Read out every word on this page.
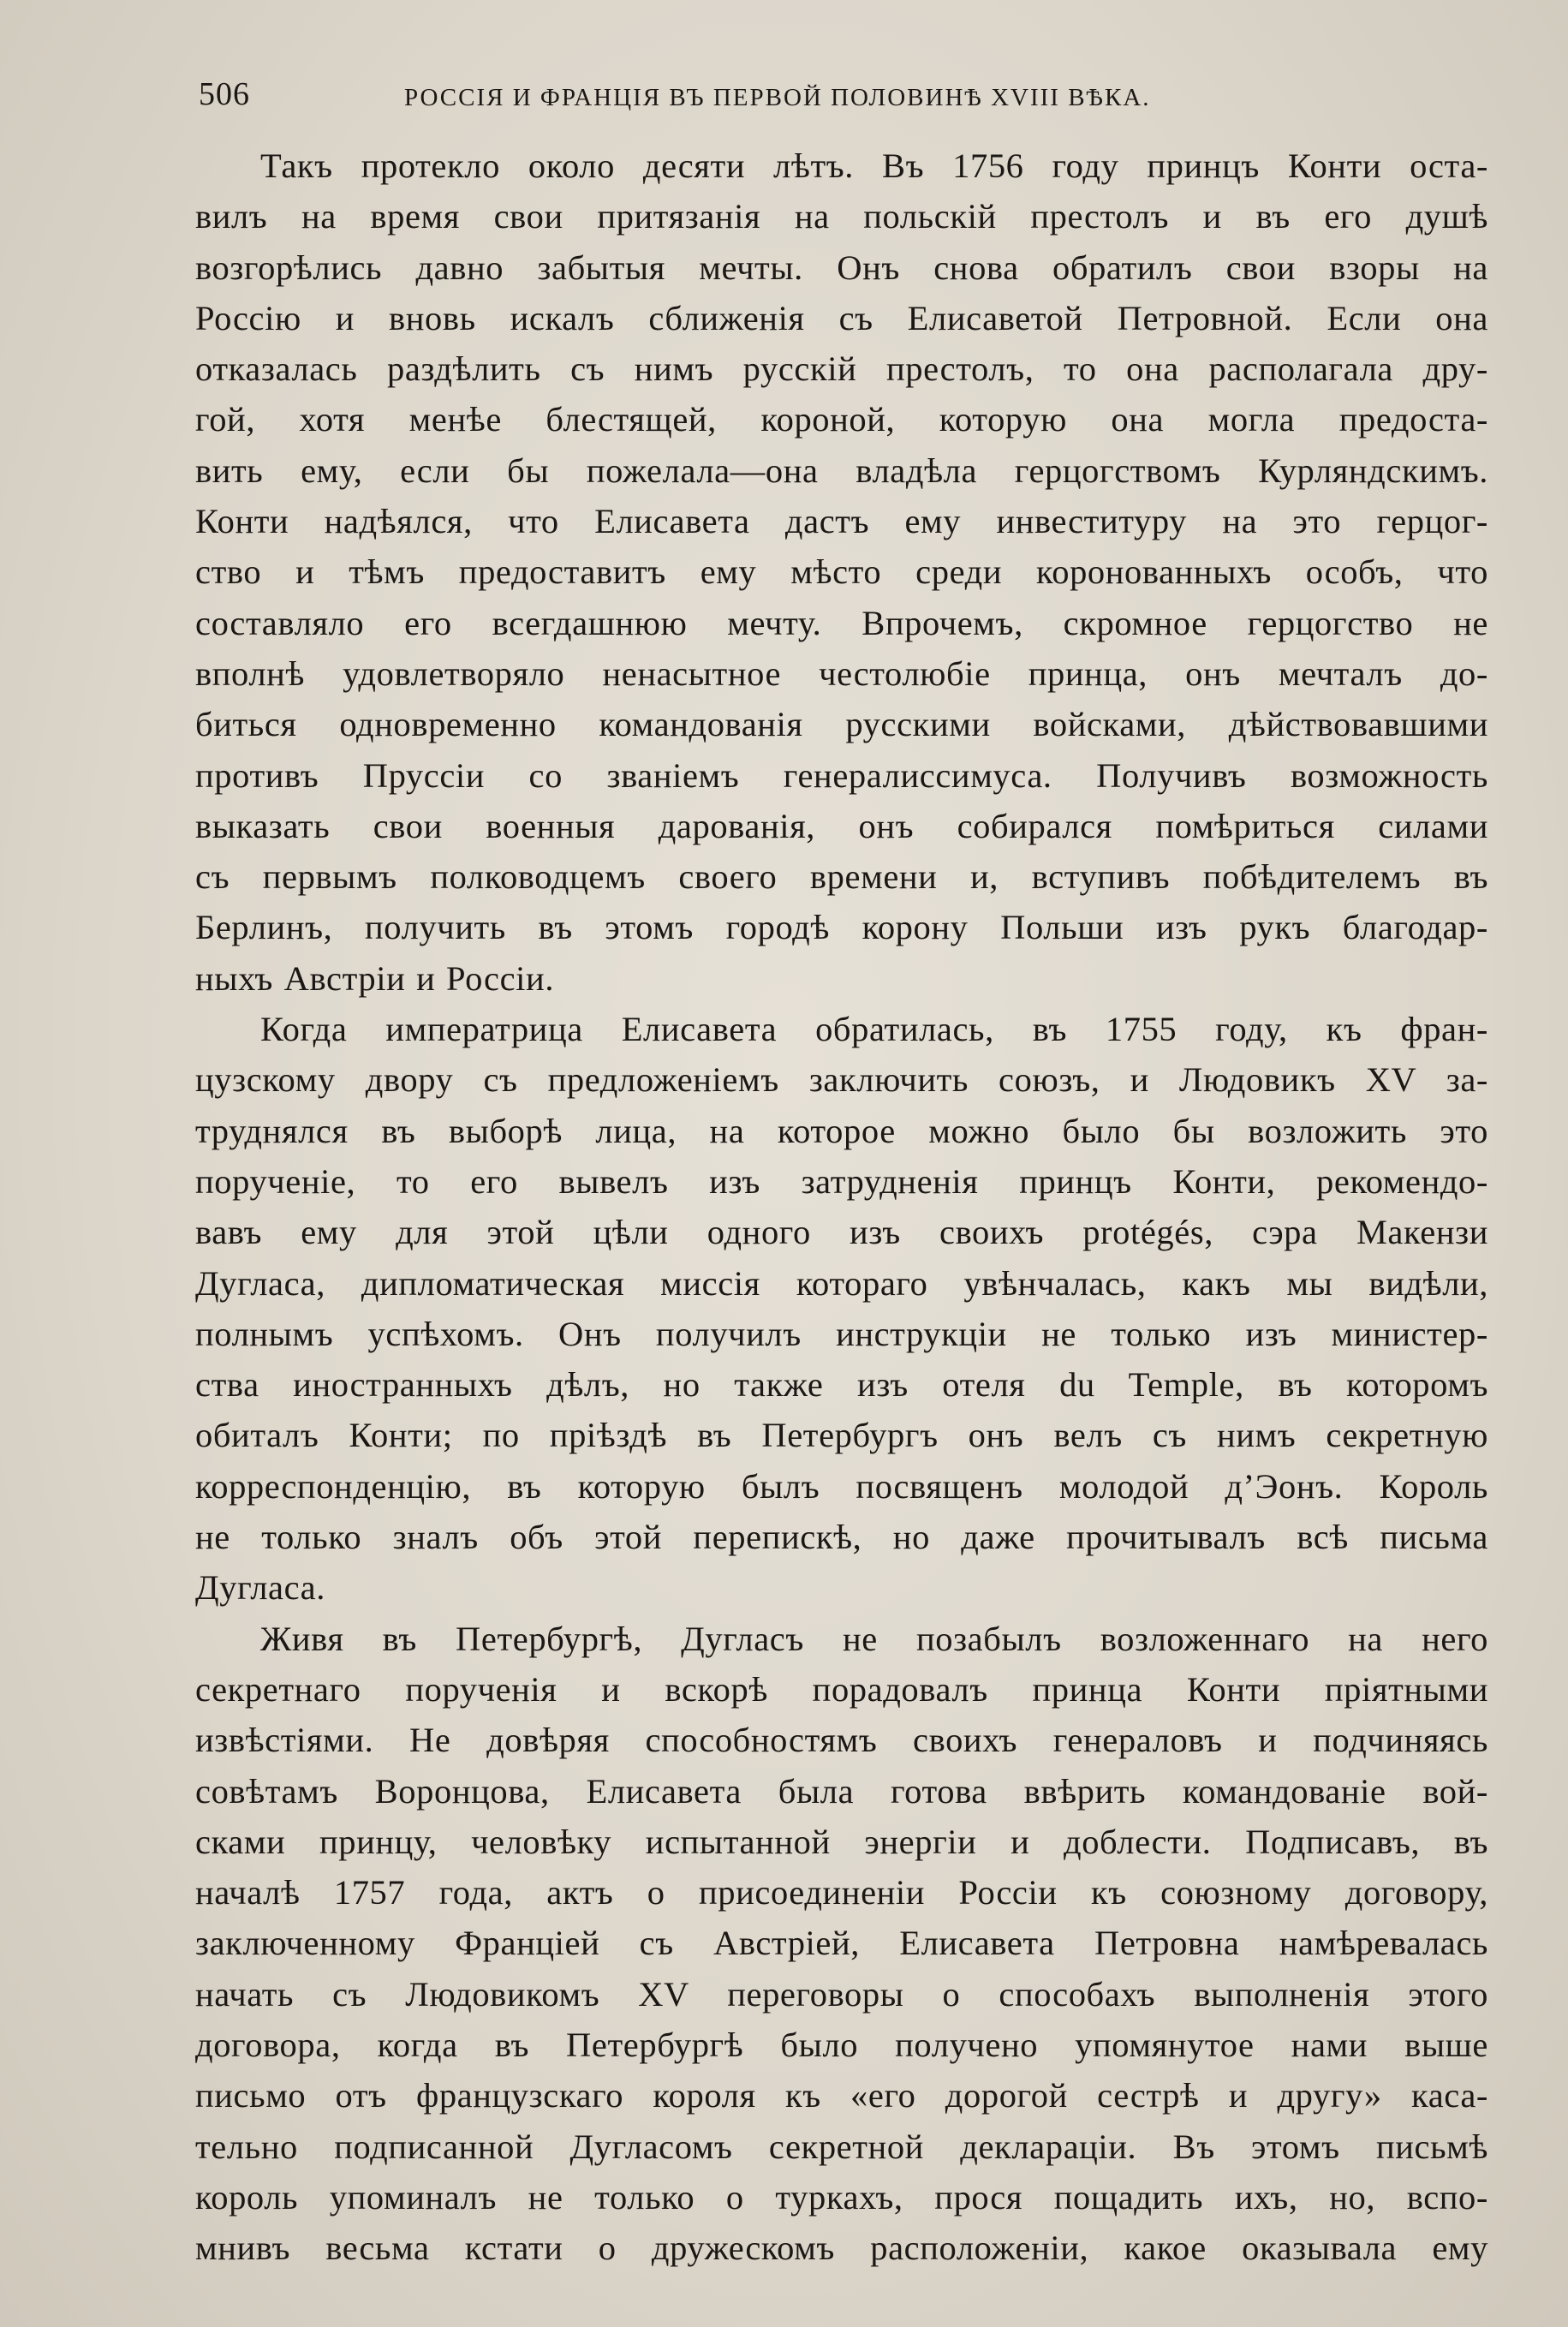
506	РОССІЯ И ФРАНЦІЯ ВЪ ПЕРВОЙ ПОЛОВИНѢ XVIII ВѢКА.
Такъ протекло около десяти лѣтъ. Въ 1756 году принцъ Конти оста-
вилъ на время свои притязанія на польскій престолъ и въ его душѣ
возгорѣлись давно забытыя мечты. Онъ снова обратилъ свои взоры на
Россію и вновь искалъ сближенія съ Елисаветой Петровной. Если она
отказалась раздѣлить съ нимъ русскій престолъ, то она располагала дру-
гой, хотя менѣе блестящей, короной, которую она могла предоста-
вить ему, если бы пожелала—она владѣла герцогствомъ Курляндскимъ.
Конти надѣялся, что Елисавета дастъ ему инвеституру на это герцог-
ство и тѣмъ предоставитъ ему мѣсто среди коронованныхъ особъ, что
составляло его всегдашнюю мечту. Впрочемъ, скромное герцогство не
вполнѣ удовлетворяло ненасытное честолюбіе принца, онъ мечталъ до-
биться одновременно командованія русскими войсками, дѣйствовавшими
противъ Пруссіи со званіемъ генералиссимуса. Получивъ возможность
выказать свои военныя дарованія, онъ собирался помѣриться силами
съ первымъ полководцемъ своего времени и, вступивъ побѣдителемъ въ
Берлинъ, получить въ этомъ городѣ корону Польши изъ рукъ благодар-
ныхъ Австріи и Россіи.
Когда императрица Елисавета обратилась, въ 1755 году, къ фран-
цузскому двору съ предложеніемъ заключить союзъ, и Людовикъ XV за-
труднялся въ выборѣ лица, на которое можно было бы возложить это
порученіе, то его вывелъ изъ затрудненія принцъ Конти, рекомендо-
вавъ ему для этой цѣли одного изъ своихъ protégés, сэра Макензи
Дугласа, дипломатическая миссія котораго увѣнчалась, какъ мы видѣли,
полнымъ успѣхомъ. Онъ получилъ инструкціи не только изъ министер-
ства иностранныхъ дѣлъ, но также изъ отеля du Temple, въ которомъ
обиталъ Конти; по пріѣздѣ въ Петербургъ онъ велъ съ нимъ секретную
корреспонденцію, въ которую былъ посвященъ молодой д’Эонъ. Король
не только зналъ объ этой перепискѣ, но даже прочитывалъ всѣ письма
Дугласа.
Живя въ Петербургѣ, Дугласъ не позабылъ возложеннаго на него
секретнаго порученія и вскорѣ порадовалъ принца Конти пріятными
извѣстіями. Не довѣряя способностямъ своихъ генераловъ и подчиняясь
совѣтамъ Воронцова, Елисавета была готова ввѣрить командованіе вой-
сками принцу, человѣку испытанной энергіи и доблести. Подписавъ, въ
началѣ 1757 года, актъ о присоединеніи Россіи къ союзному договору,
заключенному Франціей съ Австріей, Елисавета Петровна намѣревалась
начать съ Людовикомъ XV переговоры о способахъ выполненія этого
договора, когда въ Петербургѣ было получено упомянутое нами выше
письмо отъ французскаго короля къ «его дорогой сестрѣ и другу» каса-
тельно подписанной Дугласомъ секретной декларацiи. Въ этомъ письмѣ
король упоминалъ не только о туркахъ, прося пощадить ихъ, но, вспо-
мнивъ весьма кстати о дружескомъ расположеніи, какое оказывала ему
